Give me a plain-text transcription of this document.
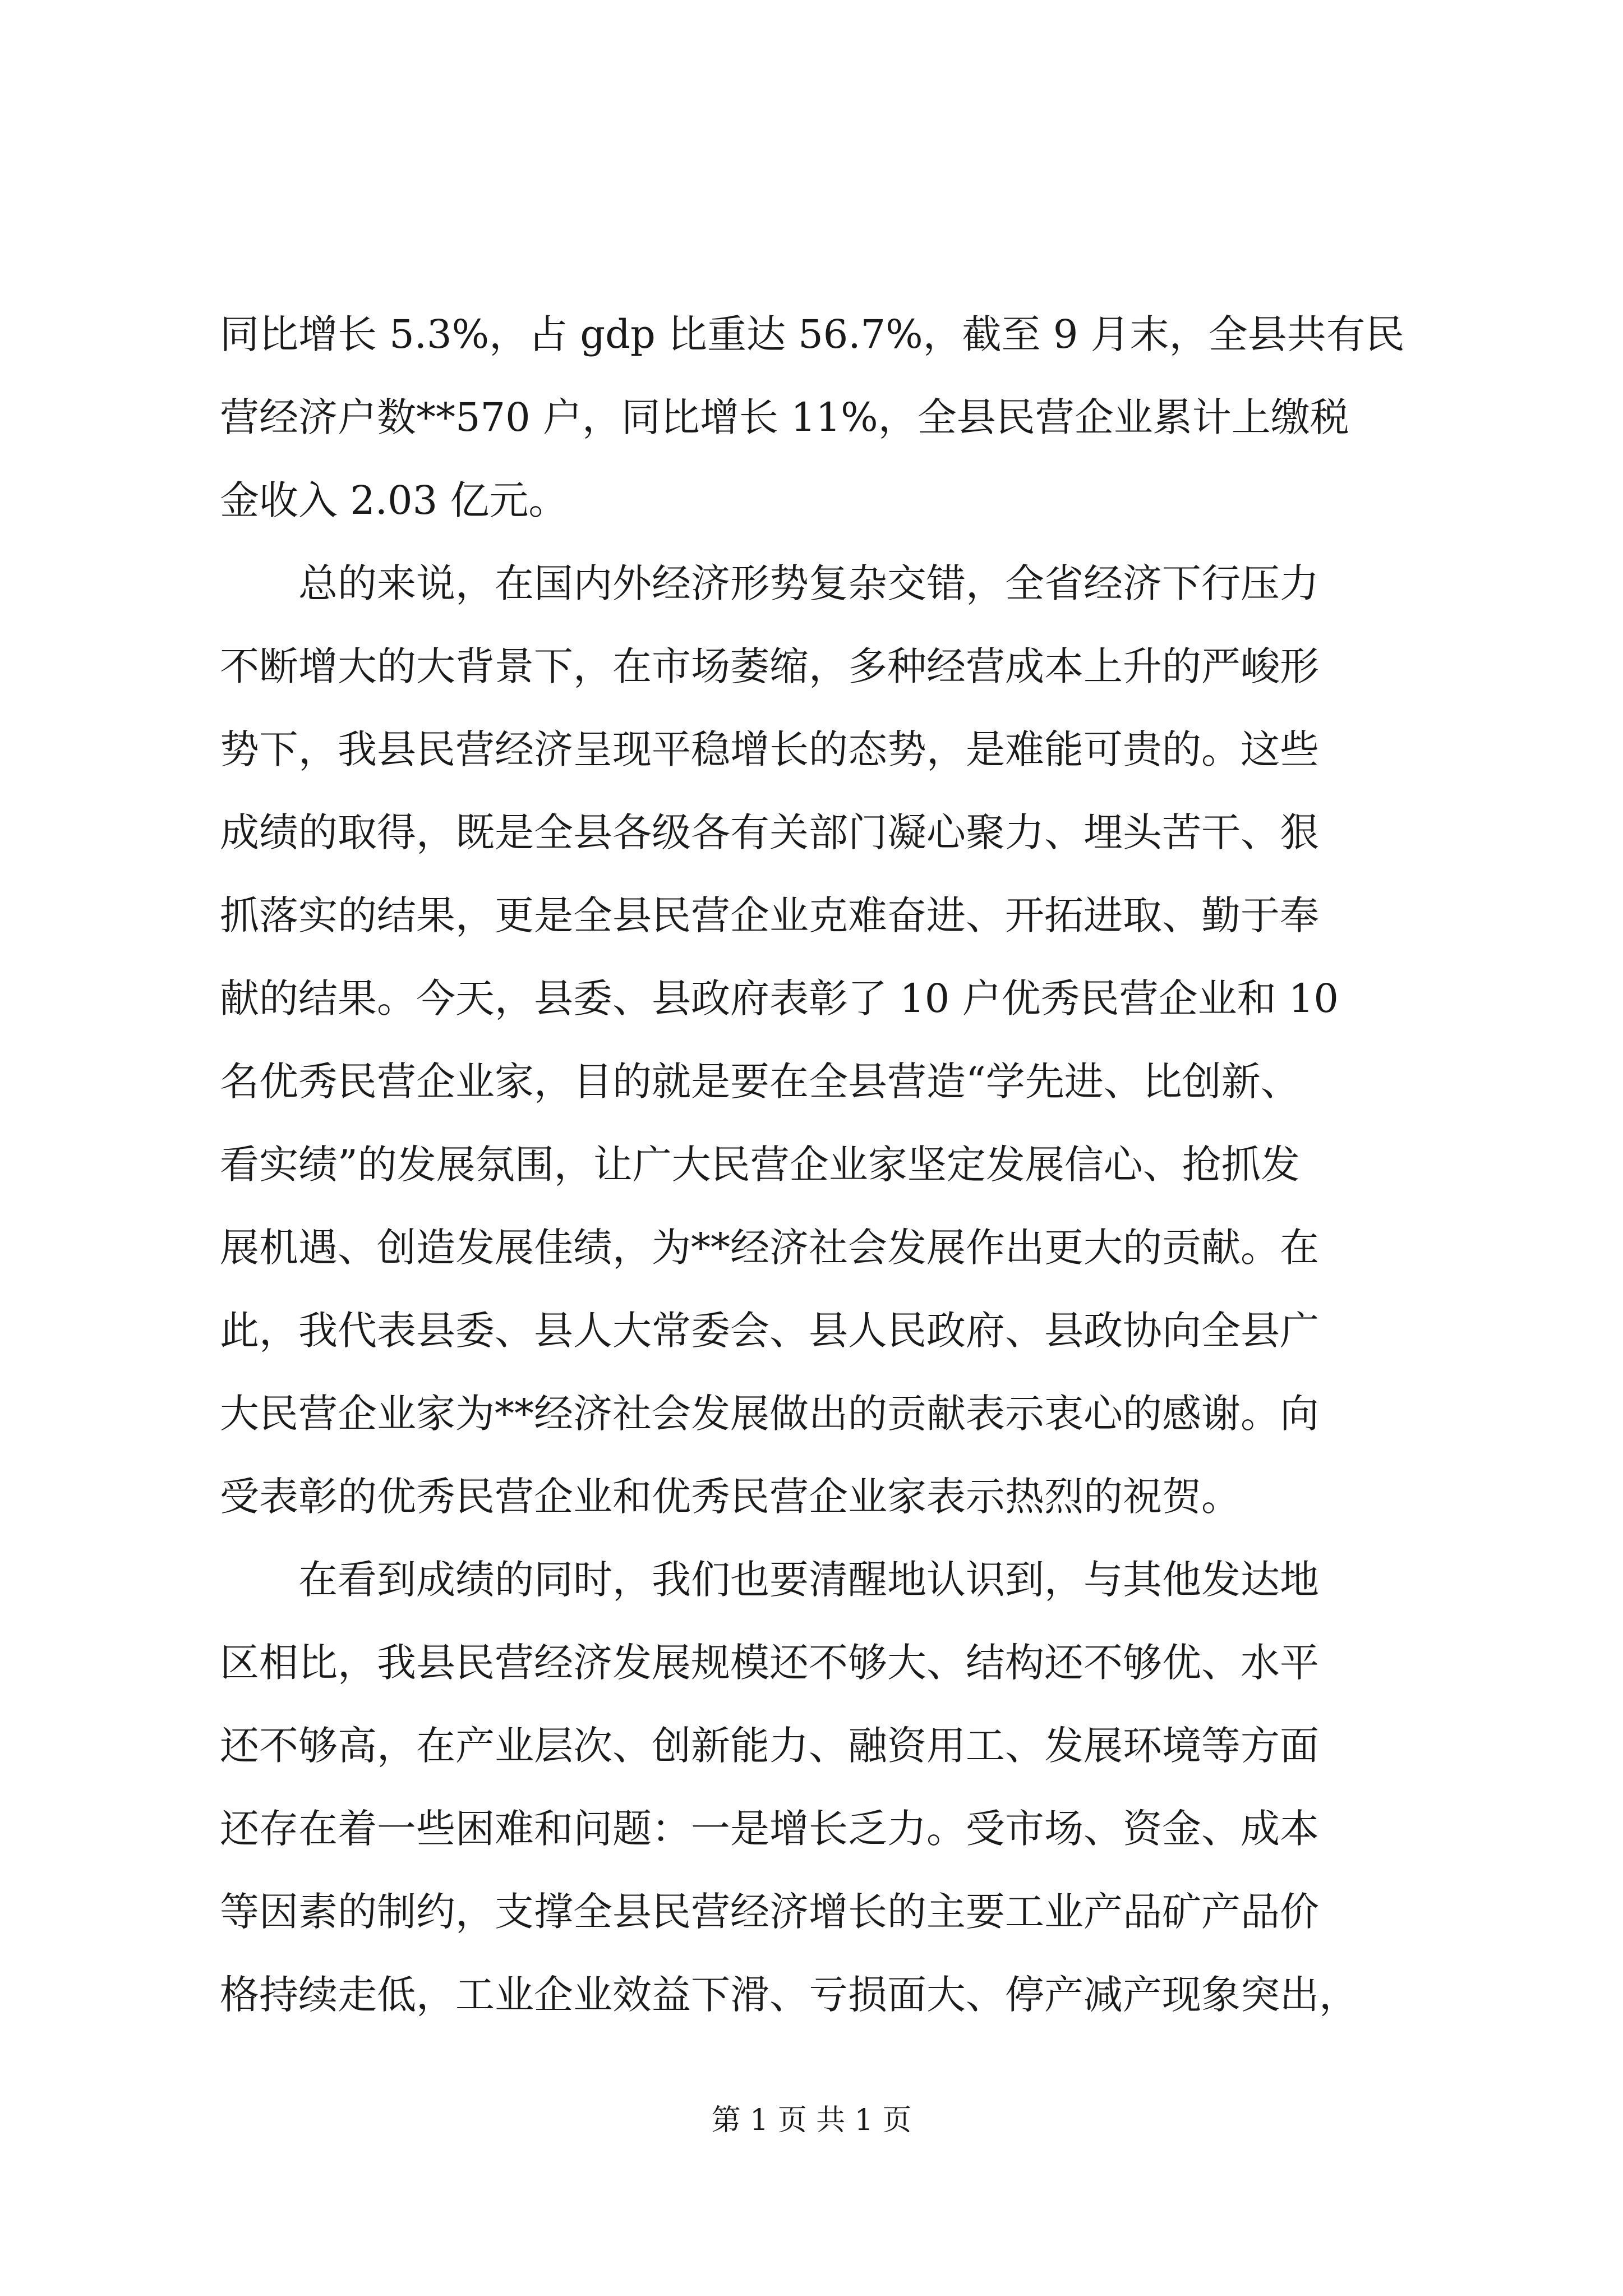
同比增长 5.3%，占 gdp 比重达 56.7%，截至 9 月末，全县共有民
营经济户数**570 户，同比增长 11%，全县民营企业累计上缴税
金收入 2.03 亿元。
　　总的来说，在国内外经济形势复杂交错，全省经济下行压力
不断增大的大背景下，在市场萎缩，多种经营成本上升的严峻形
势下，我县民营经济呈现平稳增长的态势，是难能可贵的。这些
成绩的取得，既是全县各级各有关部门凝心聚力、埋头苦干、狠
抓落实的结果，更是全县民营企业克难奋进、开拓进取、勤于奉
献的结果。今天，县委、县政府表彰了 10 户优秀民营企业和 10
名优秀民营企业家，目的就是要在全县营造“学先进、比创新、
看实绩”的发展氛围，让广大民营企业家坚定发展信心、抢抓发
展机遇、创造发展佳绩，为**经济社会发展作出更大的贡献。在
此，我代表县委、县人大常委会、县人民政府、县政协向全县广
大民营企业家为**经济社会发展做出的贡献表示衷心的感谢。向
受表彰的优秀民营企业和优秀民营企业家表示热烈的祝贺。
　　在看到成绩的同时，我们也要清醒地认识到，与其他发达地
区相比，我县民营经济发展规模还不够大、结构还不够优、水平
还不够高，在产业层次、创新能力、融资用工、发展环境等方面
还存在着一些困难和问题：一是增长乏力。受市场、资金、成本
等因素的制约，支撑全县民营经济增长的主要工业产品矿产品价
格持续走低，工业企业效益下滑、亏损面大、停产减产现象突出，
第 1 页 共 1 页
